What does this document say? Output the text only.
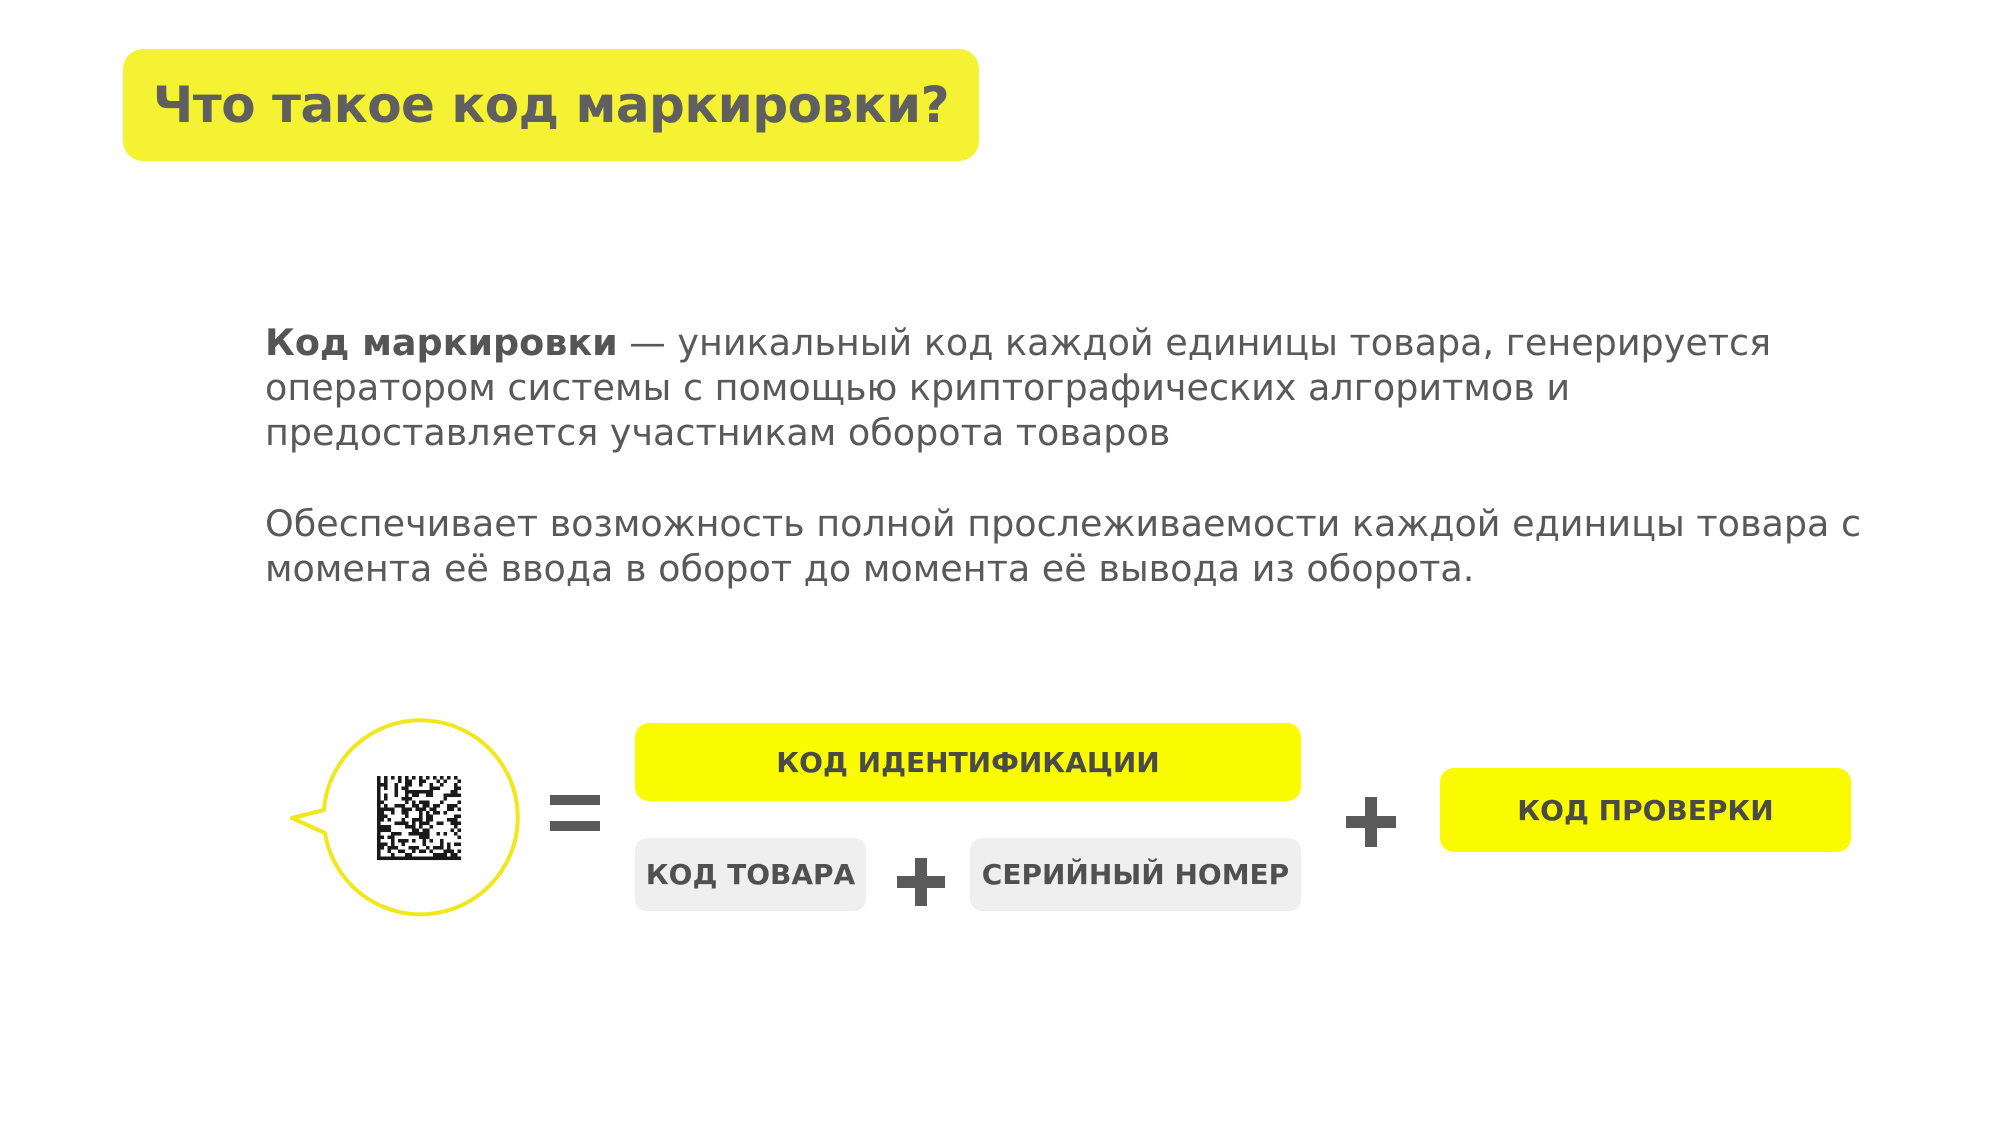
Что такое код маркировки?
Код маркировки — уникальный код каждой единицы товара, генерируется оператором системы с помощью криптографических алгоритмов и предоставляется участникам оборота товаров
Обеспечивает возможность полной прослеживаемости каждой единицы товара с момента её ввода в оборот до момента её вывода из оборота.
КОД ИДЕНТИФИКАЦИИ
КОД ТОВАРА	СЕРИЙНЫЙ НОМЕР
КОД ПРОВЕРКИ
